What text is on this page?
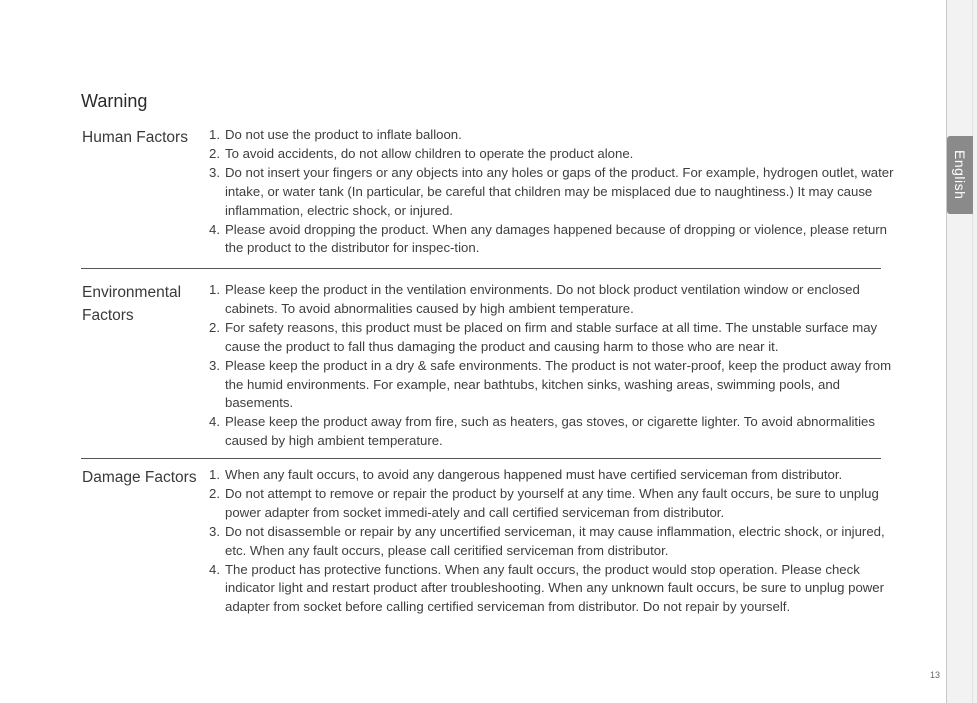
English
Warning
Human Factors	1. Do not use the product to inflate balloon.
2. To avoid accidents, do not allow children to operate the product alone.
3. Do not insert your fingers or any objects into any holes or gaps of the product. For example, hydrogen outlet, water intake, or water tank (In particular, be careful that children may be misplaced due to naughtiness.) It may cause inflammation, electric shock, or injured.
4. Please avoid dropping the product. When any damages happened because of dropping or violence, please return the product to the distributor for inspec-tion.
Environmental Factors
1. Please keep the product in the ventilation environments. Do not block product ventilation window or enclosed cabinets. To avoid abnormalities caused by high ambient temperature.
2. For safety reasons, this product must be placed on firm and stable surface at all time. The unstable surface may cause the product to fall thus damaging the product and causing harm to those who are near it.
3. Please keep the product in a dry & safe environments. The product is not water-proof, keep the product away from the humid environments. For example, near bathtubs, kitchen sinks, washing areas, swimming pools, and basements.
4. Please keep the product away from fire, such as heaters, gas stoves, or cigarette lighter. To avoid abnormalities caused by high ambient temperature.
Damage Factors 1. When any fault occurs, to avoid any dangerous happened must have certified serviceman from distributor.
2. Do not attempt to remove or repair the product by yourself at any time. When any fault occurs, be sure to unplug power adapter from socket immedi-ately and call certified serviceman from distributor.
3. Do not disassemble or repair by any uncertified serviceman, it may cause inflammation, electric shock, or injured, etc. When any fault occurs, please call ceritified serviceman from distributor.
4. The product has protective functions. When any fault occurs, the product would stop operation. Please check indicator light and restart product after troubleshooting. When any unknown fault occurs, be sure to unplug power adapter from socket before calling certified serviceman from distributor. Do not repair by yourself.
13
